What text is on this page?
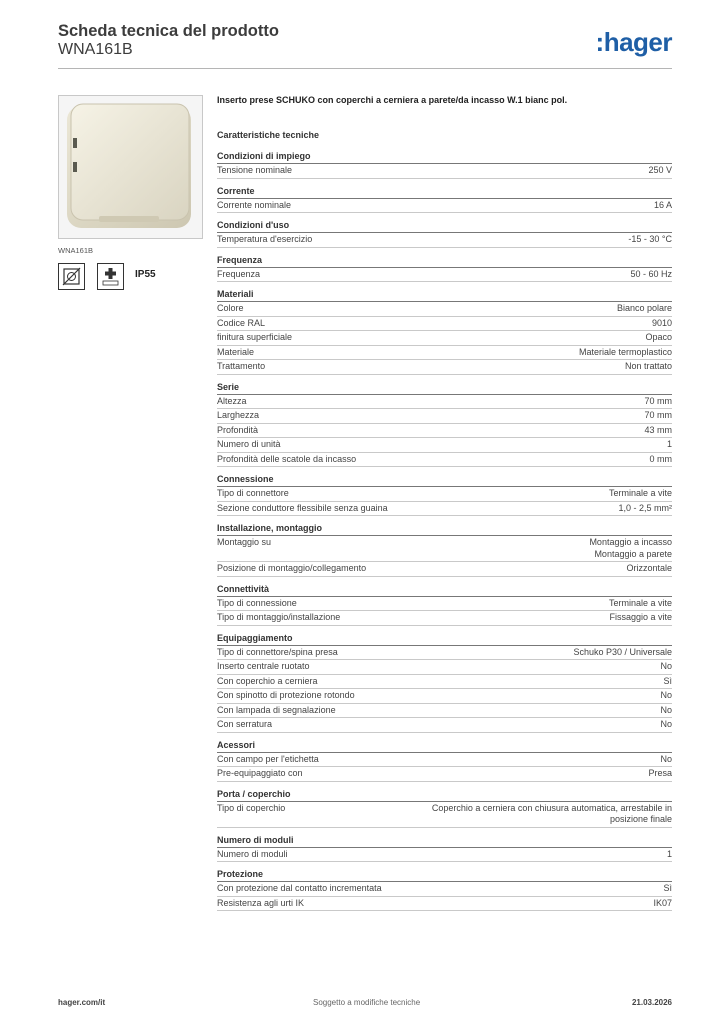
Scheda tecnica del prodotto
WNA161B	:hager
WNA161B
IP55
Inserto prese SCHUKO con coperchi a cerniera a parete/da incasso W.1 bianc pol.
Caratteristiche tecniche
Condizioni di impiego
Tensione nominale	250 V
Corrente
Corrente nominale	16 A
Condizioni d'uso
Temperatura d'esercizio	-15 - 30 °C
Frequenza
Frequenza	50 - 60 Hz
Materiali
Colore	Bianco polare
Codice RAL	9010
finitura superficiale	Opaco
Materiale	Materiale termoplastico
Trattamento	Non trattato
Serie
Altezza	70 mm
Larghezza	70 mm
Profondità	43 mm
Numero di unità	1
Profondità delle scatole da incasso	0 mm
Connessione
Tipo di connettore	Terminale a vite
Sezione conduttore flessibile senza guaina	1,0 - 2,5 mm²
Installazione, montaggio
Montaggio su	Montaggio a incasso
Montaggio a parete
Posizione di montaggio/collegamento	Orizzontale
Connettività
Tipo di connessione	Terminale a vite
Tipo di montaggio/installazione	Fissaggio a vite
Equipaggiamento
Tipo di connettore/spina presa	Schuko P30 / Universale
Inserto centrale ruotato	No
Con coperchio a cerniera	Sì
Con spinotto di protezione rotondo	No
Con lampada di segnalazione	No
Con serratura	No
Acessori
Con campo per l'etichetta	No
Pre-equipaggiato con	Presa
Porta / coperchio
Tipo di coperchio	Coperchio a cerniera con chiusura automatica, arrestabile in posizione finale
Numero di moduli
Numero di moduli	1
Protezione
Con protezione dal contatto incrementata	Sì
Resistenza agli urti IK	IK07
hager.com/it	Soggetto a modifiche tecniche	21.03.2026
